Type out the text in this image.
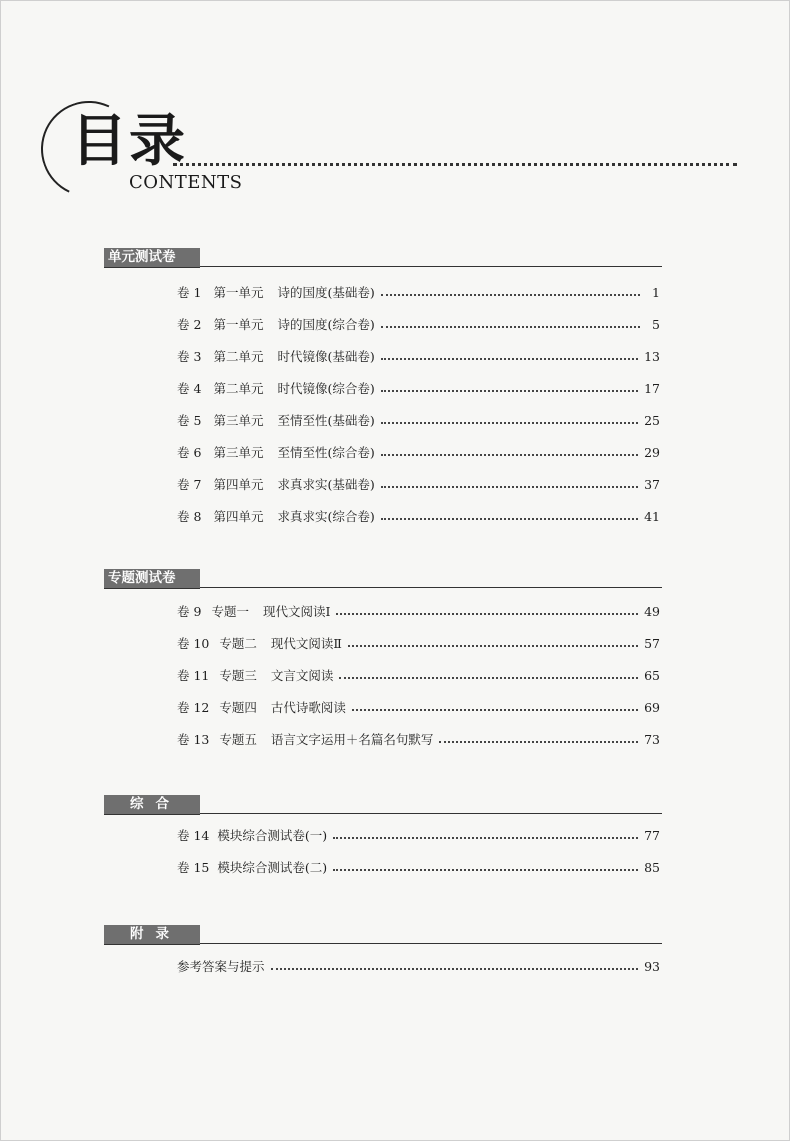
目录
CONTENTS
单元测试卷
卷 1 第一单元 诗的国度(基础卷)	1
卷 2 第一单元 诗的国度(综合卷)	5
卷 3 第二单元 时代镜像(基础卷)	13
卷 4 第二单元 时代镜像(综合卷)	17
卷 5 第三单元 至情至性(基础卷)	25
卷 6 第三单元 至情至性(综合卷)	29
卷 7 第四单元 求真求实(基础卷)	37
卷 8 第四单元 求真求实(综合卷)	41
专题测试卷
卷 9 专题一 现代文阅读Ⅰ	49
卷 10 专题二 现代文阅读Ⅱ	57
卷 11 专题三 文言文阅读	65
卷 12 专题四 古代诗歌阅读	69
卷 13 专题五 语言文字运用＋名篇名句默写	73
综合
卷 14 模块综合测试卷(一)	77
卷 15 模块综合测试卷(二)	85
附录
参考答案与提示	93
